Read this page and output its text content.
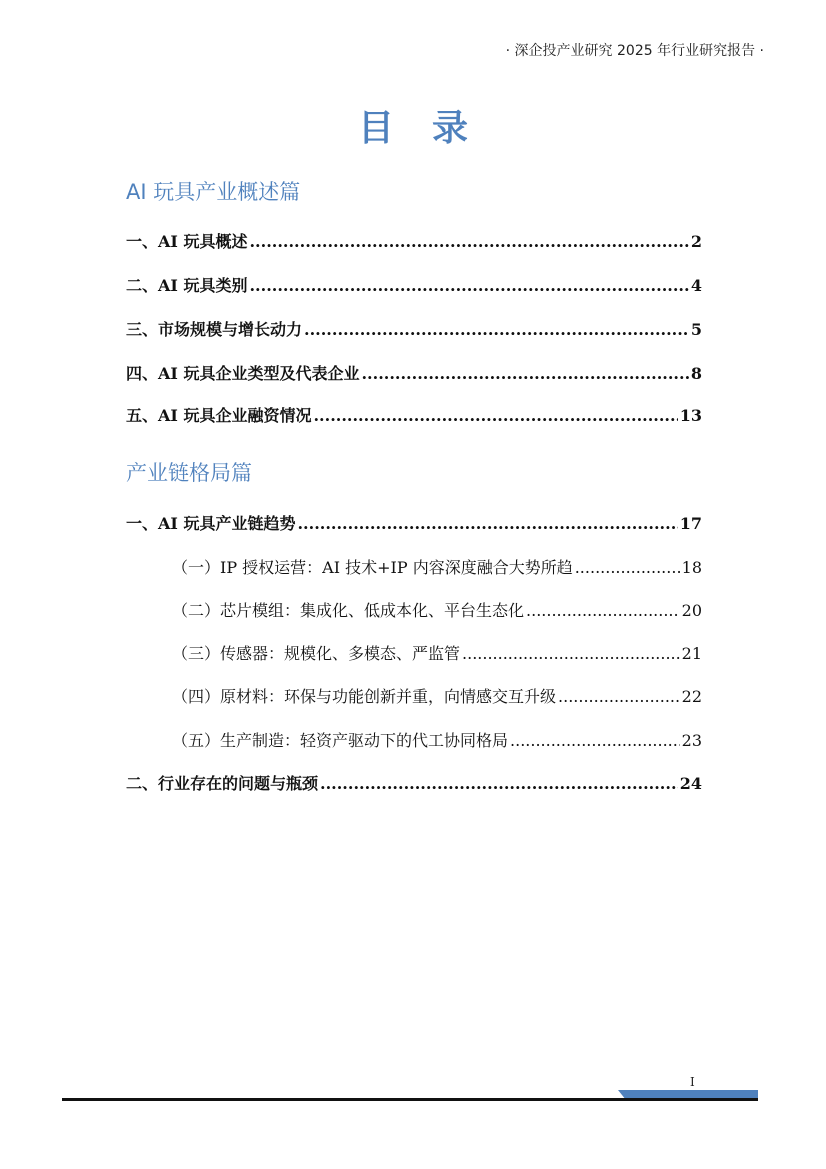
· 深企投产业研究 2025 年行业研究报告 ·
目录
AI 玩具产业概述篇
一、AI 玩具概述 .....	2
二、AI 玩具类别 .....	4
三、市场规模与增长动力 .....	5
四、AI 玩具企业类型及代表企业 .....	8
五、AI 玩具企业融资情况 .....	13
产业链格局篇
一、AI 玩具产业链趋势 .....	17
（一）IP 授权运营：AI 技术+IP 内容深度融合大势所趋 .....	18
（二）芯片模组：集成化、低成本化、平台生态化 .....	20
（三）传感器：规模化、多模态、严监管 .....	21
（四）原材料：环保与功能创新并重，向情感交互升级 .....	22
（五）生产制造：轻资产驱动下的代工协同格局 .....	23
二、行业存在的问题与瓶颈 .....	24
I
